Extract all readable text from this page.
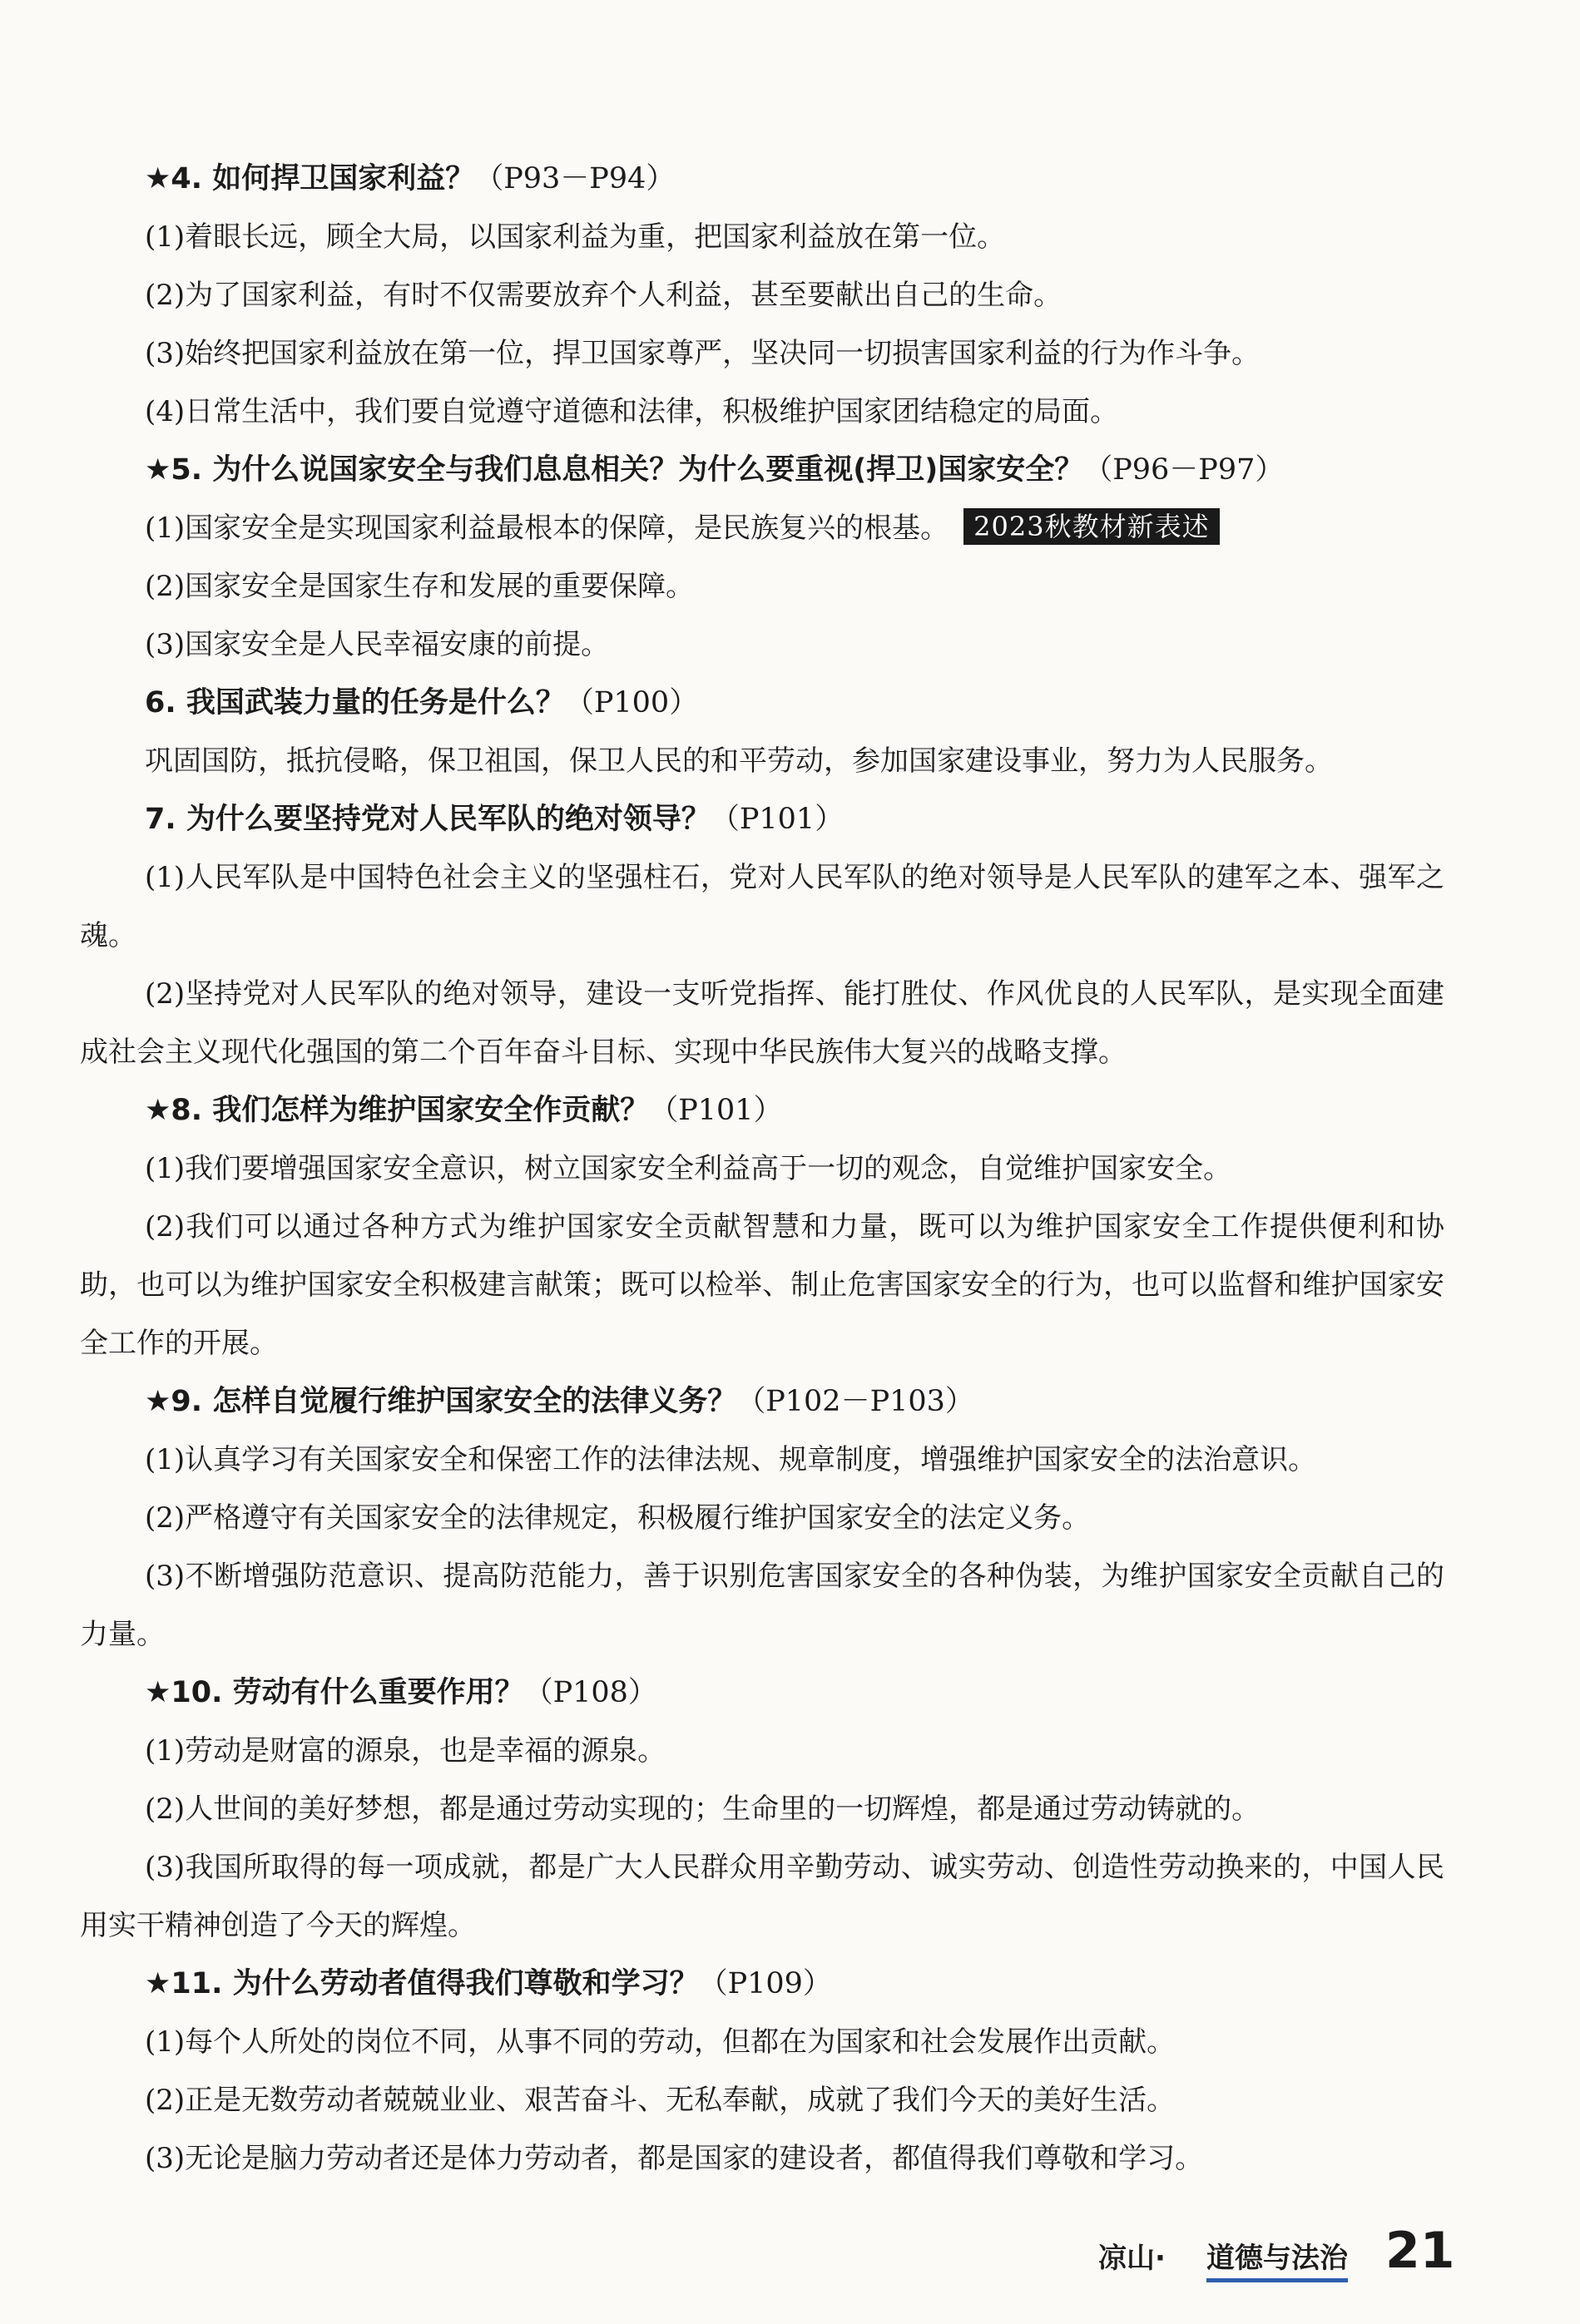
★4. 如何捍卫国家利益？（P93－P94）
(1)着眼长远，顾全大局，以国家利益为重，把国家利益放在第一位。
(2)为了国家利益，有时不仅需要放弃个人利益，甚至要献出自己的生命。
(3)始终把国家利益放在第一位，捍卫国家尊严，坚决同一切损害国家利益的行为作斗争。
(4)日常生活中，我们要自觉遵守道德和法律，积极维护国家团结稳定的局面。
★5. 为什么说国家安全与我们息息相关？为什么要重视(捍卫)国家安全？（P96－P97）
(1)国家安全是实现国家利益最根本的保障，是民族复兴的根基。 2023秋教材新表述
(2)国家安全是国家生存和发展的重要保障。
(3)国家安全是人民幸福安康的前提。
6. 我国武装力量的任务是什么？（P100）
巩固国防，抵抗侵略，保卫祖国，保卫人民的和平劳动，参加国家建设事业，努力为人民服务。
7. 为什么要坚持党对人民军队的绝对领导？（P101）
(1)人民军队是中国特色社会主义的坚强柱石，党对人民军队的绝对领导是人民军队的建军之本、强军之魂。
(2)坚持党对人民军队的绝对领导，建设一支听党指挥、能打胜仗、作风优良的人民军队，是实现全面建成社会主义现代化强国的第二个百年奋斗目标、实现中华民族伟大复兴的战略支撑。
★8. 我们怎样为维护国家安全作贡献？（P101）
(1)我们要增强国家安全意识，树立国家安全利益高于一切的观念，自觉维护国家安全。
(2)我们可以通过各种方式为维护国家安全贡献智慧和力量，既可以为维护国家安全工作提供便利和协助，也可以为维护国家安全积极建言献策；既可以检举、制止危害国家安全的行为，也可以监督和维护国家安全工作的开展。
★9. 怎样自觉履行维护国家安全的法律义务？（P102－P103）
(1)认真学习有关国家安全和保密工作的法律法规、规章制度，增强维护国家安全的法治意识。
(2)严格遵守有关国家安全的法律规定，积极履行维护国家安全的法定义务。
(3)不断增强防范意识、提高防范能力，善于识别危害国家安全的各种伪装，为维护国家安全贡献自己的力量。
★10. 劳动有什么重要作用？（P108）
(1)劳动是财富的源泉，也是幸福的源泉。
(2)人世间的美好梦想，都是通过劳动实现的；生命里的一切辉煌，都是通过劳动铸就的。
(3)我国所取得的每一项成就，都是广大人民群众用辛勤劳动、诚实劳动、创造性劳动换来的，中国人民用实干精神创造了今天的辉煌。
★11. 为什么劳动者值得我们尊敬和学习？（P109）
(1)每个人所处的岗位不同，从事不同的劳动，但都在为国家和社会发展作出贡献。
(2)正是无数劳动者兢兢业业、艰苦奋斗、无私奉献，成就了我们今天的美好生活。
(3)无论是脑力劳动者还是体力劳动者，都是国家的建设者，都值得我们尊敬和学习。
凉山· 道德与法治 21
